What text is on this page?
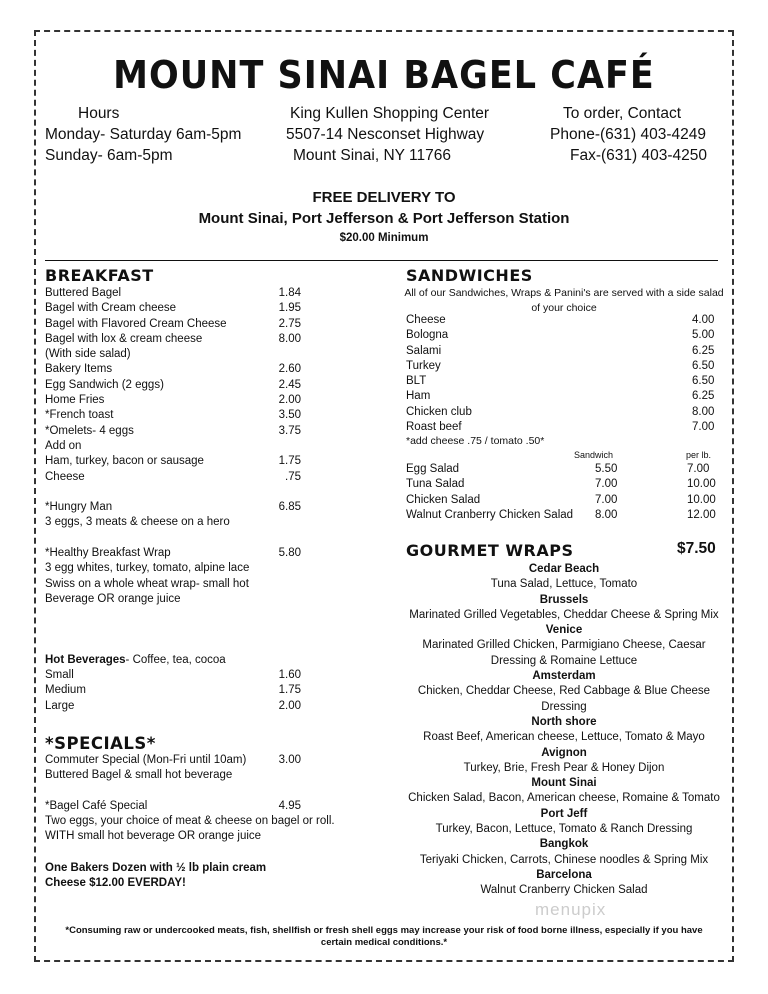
MOUNT SINAI BAGEL CAFÉ
Hours
Monday- Saturday 6am-5pm
Sunday- 6am-5pm
King Kullen Shopping Center
5507-14 Nesconset Highway
Mount Sinai, NY 11766
To order, Contact
Phone-(631) 403-4249
Fax-(631) 403-4250
FREE DELIVERY TO
Mount Sinai, Port Jefferson & Port Jefferson Station
$20.00 Minimum
BREAKFAST
Buttered Bagel	1.84
Bagel with Cream cheese	1.95
Bagel with Flavored Cream Cheese	2.75
Bagel with lox & cream cheese	8.00
(With side salad)
Bakery Items	2.60
Egg Sandwich (2 eggs)	2.45
Home Fries	2.00
*French toast	3.50
*Omelets- 4 eggs	3.75
Add on
Ham, turkey, bacon or sausage	1.75
Cheese	.75
*Hungry Man	6.85
3 eggs, 3 meats & cheese on a hero
*Healthy Breakfast Wrap	5.80
3 egg whites, turkey, tomato, alpine lace
Swiss on a whole wheat wrap- small hot
Beverage OR orange juice
Hot Beverages- Coffee, tea, cocoa
Small	1.60
Medium	1.75
Large	2.00
*SPECIALS*
Commuter Special (Mon-Fri until 10am)	3.00
Buttered Bagel & small hot beverage
*Bagel Café Special	4.95
Two eggs, your choice of meat & cheese on bagel or roll.
WITH small hot beverage OR orange juice
One Bakers Dozen with ½ lb plain cream
Cheese $12.00 EVERDAY!
SANDWICHES
All of our Sandwiches, Wraps & Panini's are served with a side salad
of your choice
Cheese	4.00
Bologna	5.00
Salami	6.25
Turkey	6.50
BLT	6.50
Ham	6.25
Chicken club	8.00
Roast beef	7.00
*add cheese .75 / tomato .50*
Sandwich	per lb.
Egg Salad	5.50	7.00
Tuna Salad	7.00	10.00
Chicken Salad	7.00	10.00
Walnut Cranberry Chicken Salad 8.00	12.00
GOURMET WRAPS	$7.50
Cedar Beach
Tuna Salad, Lettuce, Tomato
Brussels
Marinated Grilled Vegetables, Cheddar Cheese & Spring Mix
Venice
Marinated Grilled Chicken, Parmigiano Cheese, Caesar
Dressing & Romaine Lettuce
Amsterdam
Chicken, Cheddar Cheese, Red Cabbage & Blue Cheese
Dressing
North shore
Roast Beef, American cheese, Lettuce, Tomato & Mayo
Avignon
Turkey, Brie, Fresh Pear & Honey Dijon
Mount Sinai
Chicken Salad, Bacon, American cheese, Romaine & Tomato
Port Jeff
Turkey, Bacon, Lettuce, Tomato & Ranch Dressing
Bangkok
Teriyaki Chicken, Carrots, Chinese noodles & Spring Mix
Barcelona
Walnut Cranberry Chicken Salad
menupix
*Consuming raw or undercooked meats, fish, shellfish or fresh shell eggs may increase your risk of food borne illness, especially if you have certain medical conditions.*
